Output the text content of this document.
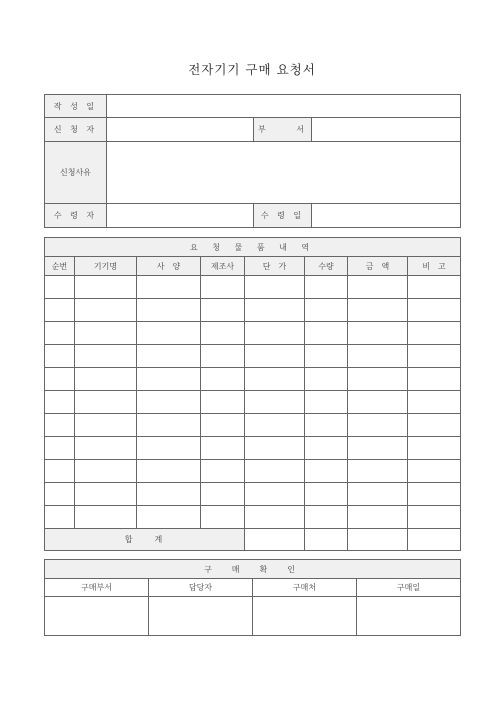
전자기기 구매 요청서
작 성 일			
신 청 자		부　 　서	
신청사유			
수 령 자		수 령 일	
요 청 물 품 내 역							
순번	기기명	사　양	제조사	단　가	수량	금　액	비　고

합　　계							
구　매　확　인			
구매부서	담당자	구매처	구매일
